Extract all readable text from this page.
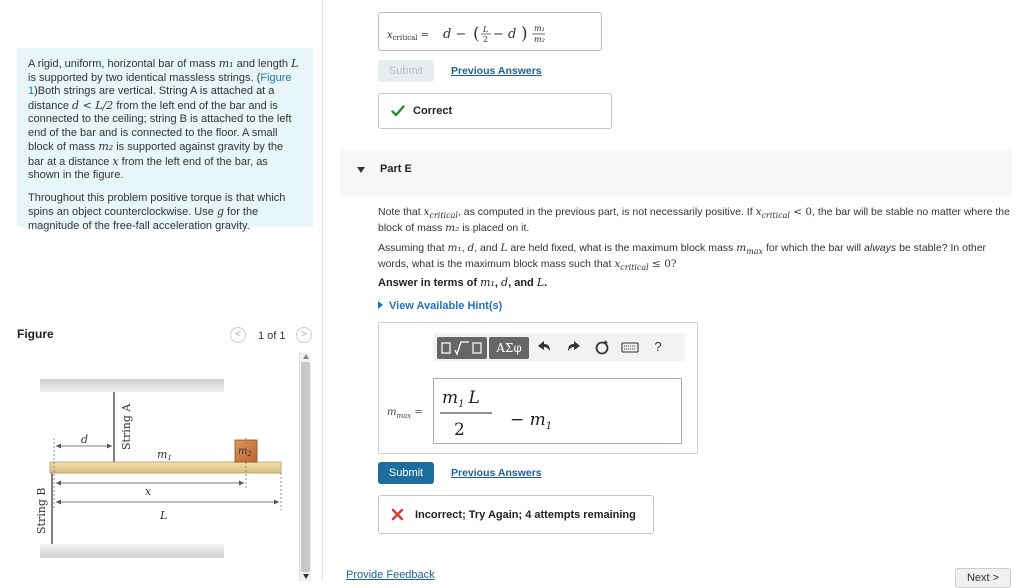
A rigid, uniform, horizontal bar of mass m₁ and length L is supported by two identical massless strings. (Figure 1)Both strings are vertical. String A is attached at a distance d < L/2 from the left end of the bar and is connected to the ceiling; string B is attached to the left end of the bar and is connected to the floor. A small block of mass m₂ is supported against gravity by the bar at a distance x from the left end of the bar, as shown in the figure.

Throughout this problem positive torque is that which spins an object counterclockwise. Use g for the magnitude of the free-fall acceleration gravity.

Figure	<	1 of 1	>
String A
String B
d
m1
$m_2$
x
L
$x_{critical} = d$ − ( L
2 − d ) m₁
m₂
Submit	Previous Answers
Correct
Part E
Note that $x_{critical}$, as computed in the previous part, is not necessarily positive. If $x_{critical} < 0$, the bar will be stable no matter where the block of mass m₂ is placed on it.
Assuming that m₁, d, and L are held fixed, what is the maximum block mass $m_{max}$ for which the bar will always be stable? In other words, what is the maximum block mass such that $x_{critical} \le 0$?
Answer in terms of m₁, d, and L.
View Available Hint(s)
ΑΣφ	?
$m_{max}$ =
$m_1$ L
2	− $m_1$
Submit	Previous Answers
Incorrect; Try Again; 4 attempts remaining
Provide Feedback	Next >
